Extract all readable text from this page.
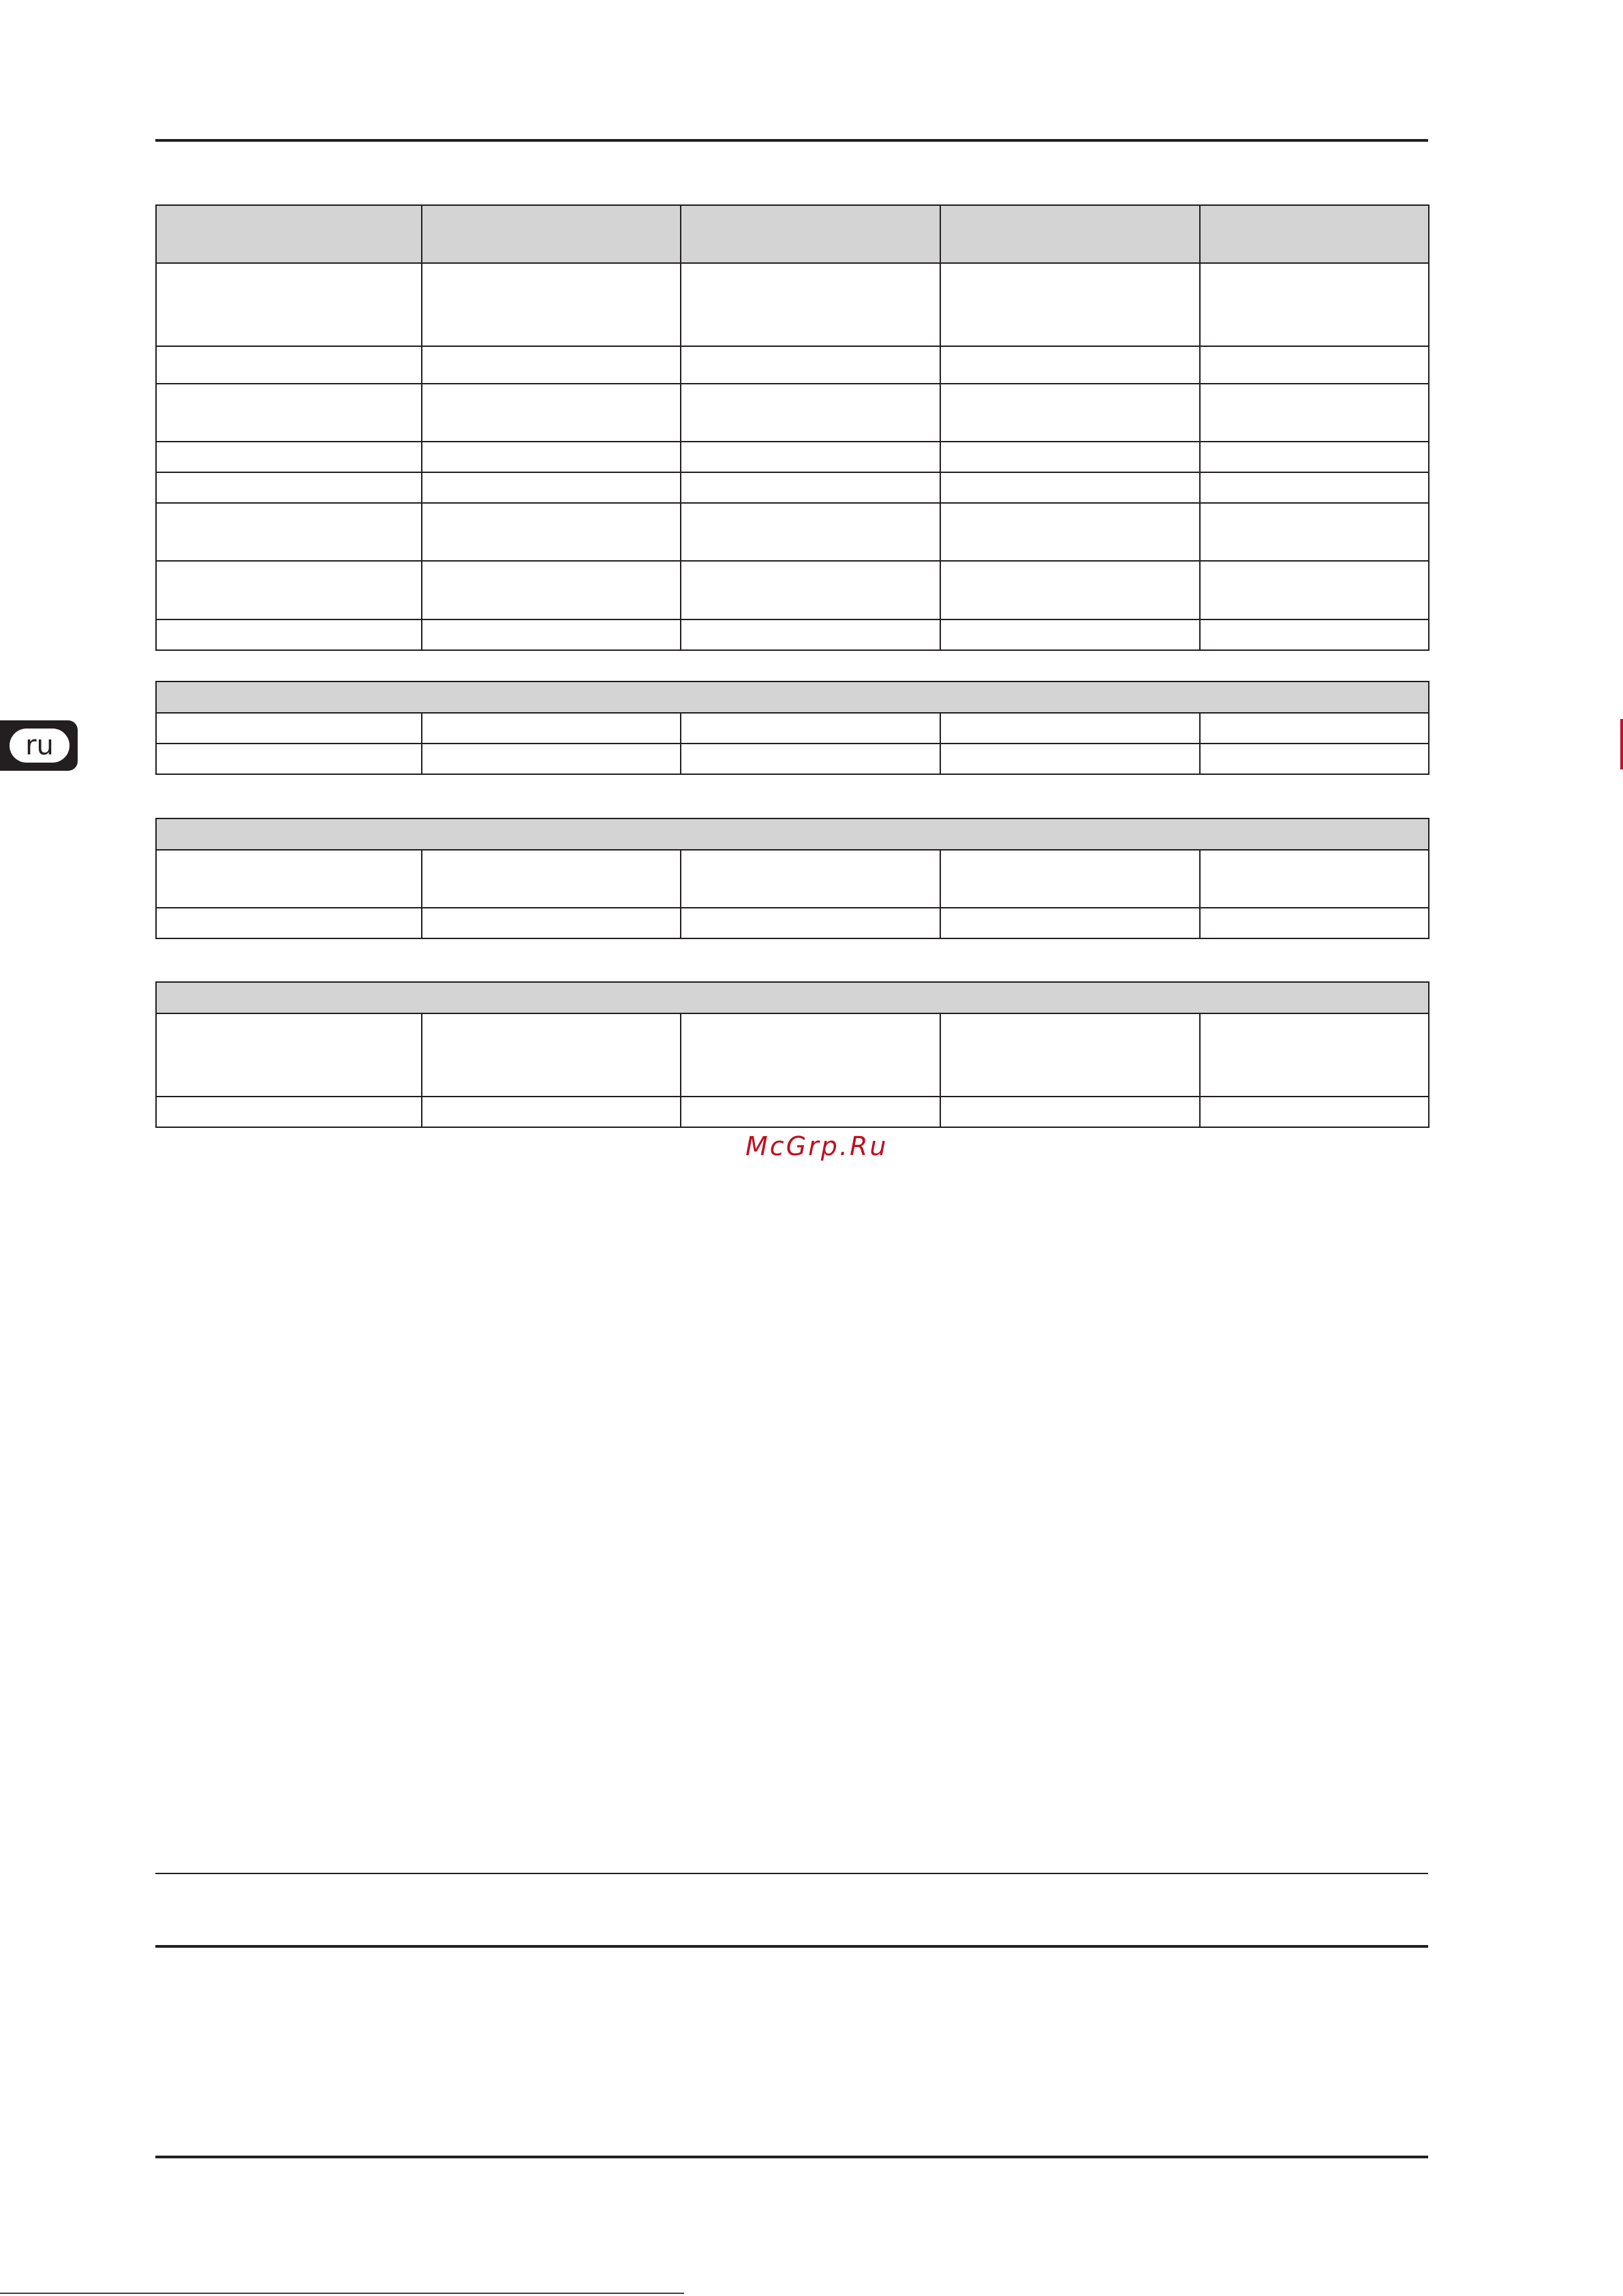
McGrp.Ru
ru
